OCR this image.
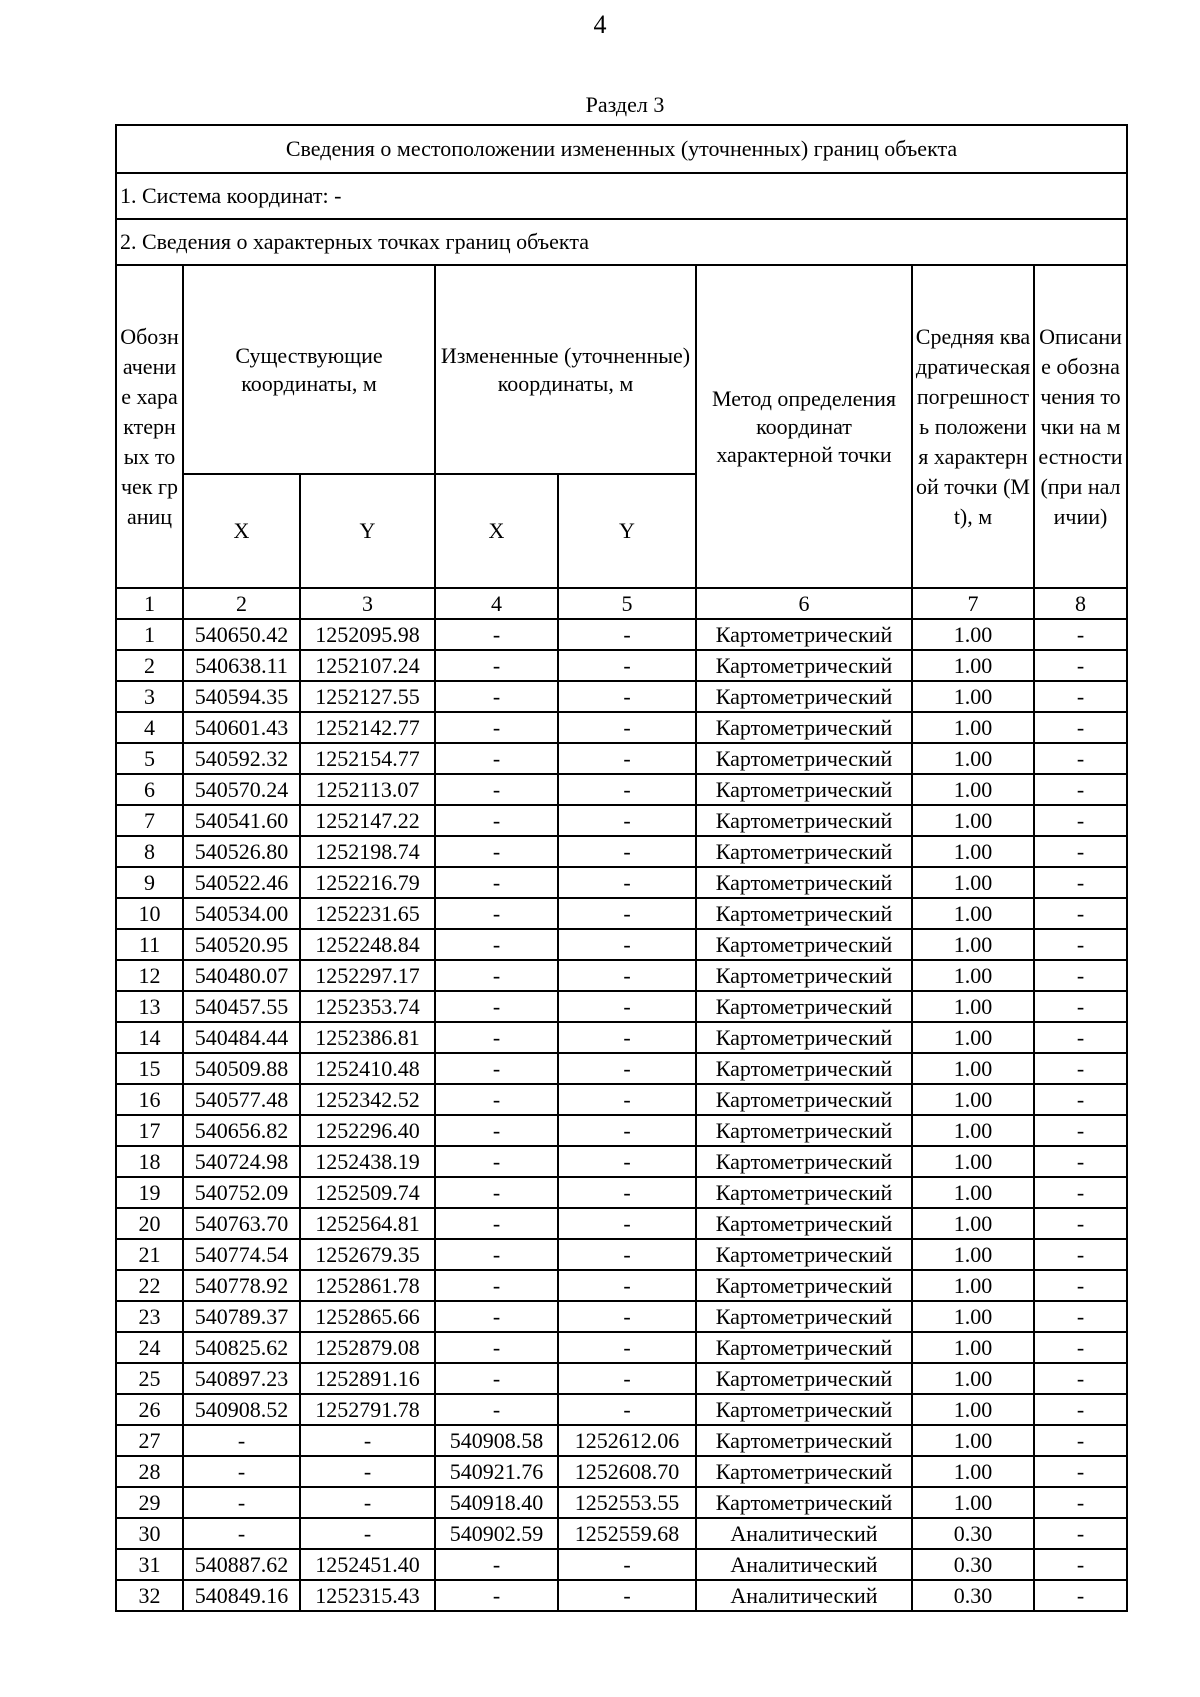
4
Раздел 3
Сведения о местоположении измененных (уточненных) границ объекта							
1. Система координат: -							
2. Сведения о характерных точках границ объекта							
Обозначение характерных точек границ	Существующие координаты, м		Измененные (уточненные) координаты, м		Метод определения координат характерной точки	Средняя квадратическая погрешность положения характерной точки (Mt), м	Описание обозначения точки на местности (при наличии)
	X	Y	X	Y			
1	2	3	4	5	6	7	8
1	540650.42	1252095.98	-	-	Картометрический	1.00	-
2	540638.11	1252107.24	-	-	Картометрический	1.00	-
3	540594.35	1252127.55	-	-	Картометрический	1.00	-
4	540601.43	1252142.77	-	-	Картометрический	1.00	-
5	540592.32	1252154.77	-	-	Картометрический	1.00	-
6	540570.24	1252113.07	-	-	Картометрический	1.00	-
7	540541.60	1252147.22	-	-	Картометрический	1.00	-
8	540526.80	1252198.74	-	-	Картометрический	1.00	-
9	540522.46	1252216.79	-	-	Картометрический	1.00	-
10	540534.00	1252231.65	-	-	Картометрический	1.00	-
11	540520.95	1252248.84	-	-	Картометрический	1.00	-
12	540480.07	1252297.17	-	-	Картометрический	1.00	-
13	540457.55	1252353.74	-	-	Картометрический	1.00	-
14	540484.44	1252386.81	-	-	Картометрический	1.00	-
15	540509.88	1252410.48	-	-	Картометрический	1.00	-
16	540577.48	1252342.52	-	-	Картометрический	1.00	-
17	540656.82	1252296.40	-	-	Картометрический	1.00	-
18	540724.98	1252438.19	-	-	Картометрический	1.00	-
19	540752.09	1252509.74	-	-	Картометрический	1.00	-
20	540763.70	1252564.81	-	-	Картометрический	1.00	-
21	540774.54	1252679.35	-	-	Картометрический	1.00	-
22	540778.92	1252861.78	-	-	Картометрический	1.00	-
23	540789.37	1252865.66	-	-	Картометрический	1.00	-
24	540825.62	1252879.08	-	-	Картометрический	1.00	-
25	540897.23	1252891.16	-	-	Картометрический	1.00	-
26	540908.52	1252791.78	-	-	Картометрический	1.00	-
27	-	-	540908.58	1252612.06	Картометрический	1.00	-
28	-	-	540921.76	1252608.70	Картометрический	1.00	-
29	-	-	540918.40	1252553.55	Картометрический	1.00	-
30	-	-	540902.59	1252559.68	Аналитический	0.30	-
31	540887.62	1252451.40	-	-	Аналитический	0.30	-
32	540849.16	1252315.43	-	-	Аналитический	0.30	-
